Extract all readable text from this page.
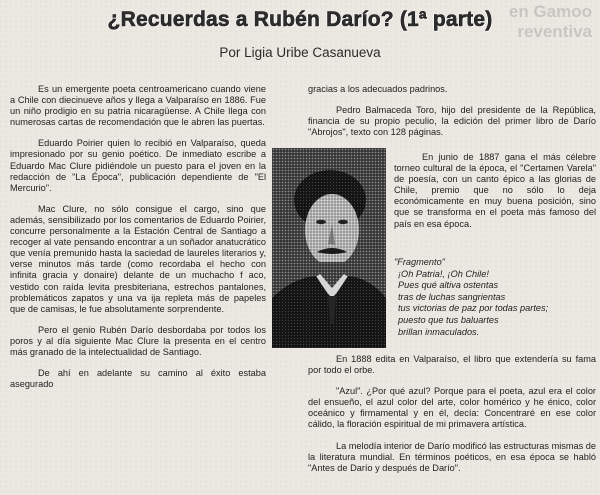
en Gamoo
reventiva
¿Recuerdas a Rubén Darío? (1ª parte)
Por Ligia Uribe Casanueva

Es un emergente poeta centroamericano cuando viene a Chile con diecinueve años y llega a Valparaíso en 1886. Fue un niño prodigio en su patria nicaragüense. A Chile llega con numerosas cartas de recomendación que le abren las puertas.

Eduardo Poirier quien lo recibió en Valparaíso, queda impresionado por su genio poético. De inmediato escribe a Eduardo Mac Clure pidiéndole un puesto para el joven en la redacción de "La Época", publicación dependiente de "El Mercurio".

Mac Clure, no sólo consigue el cargo, sino que además, sensibilizado por los comentarios de Eduardo Poirier, concurre personalmente a la Estación Central de Santiago a recoger al vate pensando encontrar a un soñador anatucrático que venía premunido hasta la saciedad de laureles literarios y, verse minutos más tarde (como recordaba el hecho con infinita gracia y donaire) delante de un muchacho f aco, vestido con raída levita presbiteriana, estrechos pantalones, problemáticos zapatos y una va ija repleta más de papeles que de camisas, le fue absolutamente sorprendente.

Pero el genio Rubén Darío desbordaba por todos los poros y al día siguiente Mac Clure la presenta en el centro más granado de la intelectualidad de Santiago.

De ahí en adelante su camino al éxito estaba asegurado

gracias a los adecuados padrinos.

Pedro Balmaceda Toro, hijo del presidente de la República, financia de su propio peculio, la edición del primer libro de Darío "Abrojos", texto con 128 páginas.

En junio de 1887 gana el más célebre torneo cultural de la época, el "Certamen Varela" de poesía, con un canto épico a las glorias de Chile, premio que no sólo lo deja económicamente en muy buena posición, sino que se transforma en el poeta más famoso del país en esa época.

"Fragmento"
¡Oh Patria!, ¡Oh Chile!
Pues qué altiva ostentas
tras de luchas sangrientas
tus victorias de paz por todas partes;
puesto que tus baluartes
brillan inmaculados.

En 1888 edita en Valparaíso, el libro que extendería su fama por todo el orbe.

"Azul". ¿Por qué azul? Porque para el poeta, azul era el color del ensueño, el azul color del arte, color homérico y he énico, color oceánico y firmamental y en él, decía: Concentraré en ese color cálido, la floración espiritual de mi primavera artística.

La melodía interior de Darío modificó las estructuras mismas de la literatura mundial. En términos poéticos, en esa época se habló "Antes de Darío y después de Darío".
